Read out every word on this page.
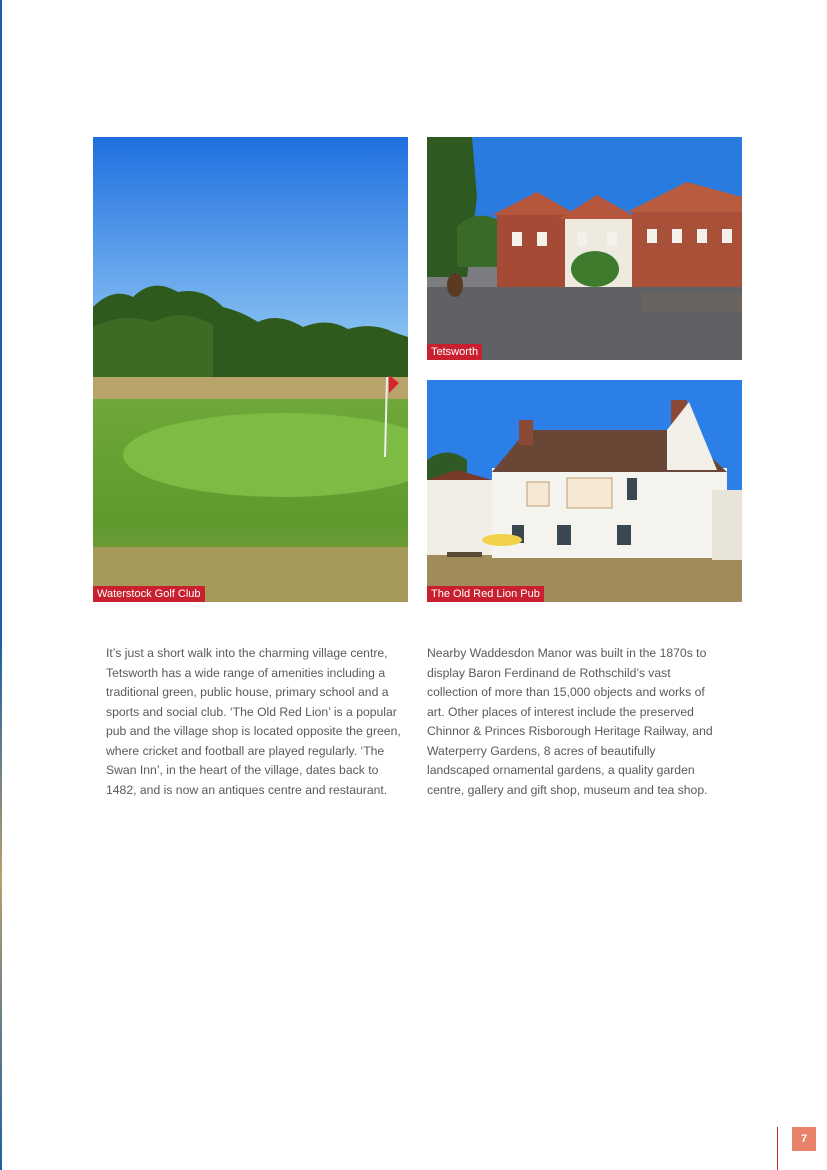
Waterstock Golf Club
Tetsworth
The Old Red Lion Pub

It’s just a short walk into the charming village centre, Tetsworth has a wide range of amenities including a traditional green, public house, primary school and a sports and social club. ‘The Old Red Lion’ is a popular pub and the village shop is located opposite the green, where cricket and football are played regularly. ‘The Swan Inn’, in the heart of the village, dates back to 1482, and is now an antiques centre and restaurant.

Nearby Waddesdon Manor was built in the 1870s to display Baron Ferdinand de Rothschild’s vast collection of more than 15,000 objects and works of art. Other places of interest include the preserved Chinnor & Princes Risborough Heritage Railway, and Waterperry Gardens, 8 acres of beautifully landscaped ornamental gardens, a quality garden centre, gallery and gift shop, museum and tea shop.

7
